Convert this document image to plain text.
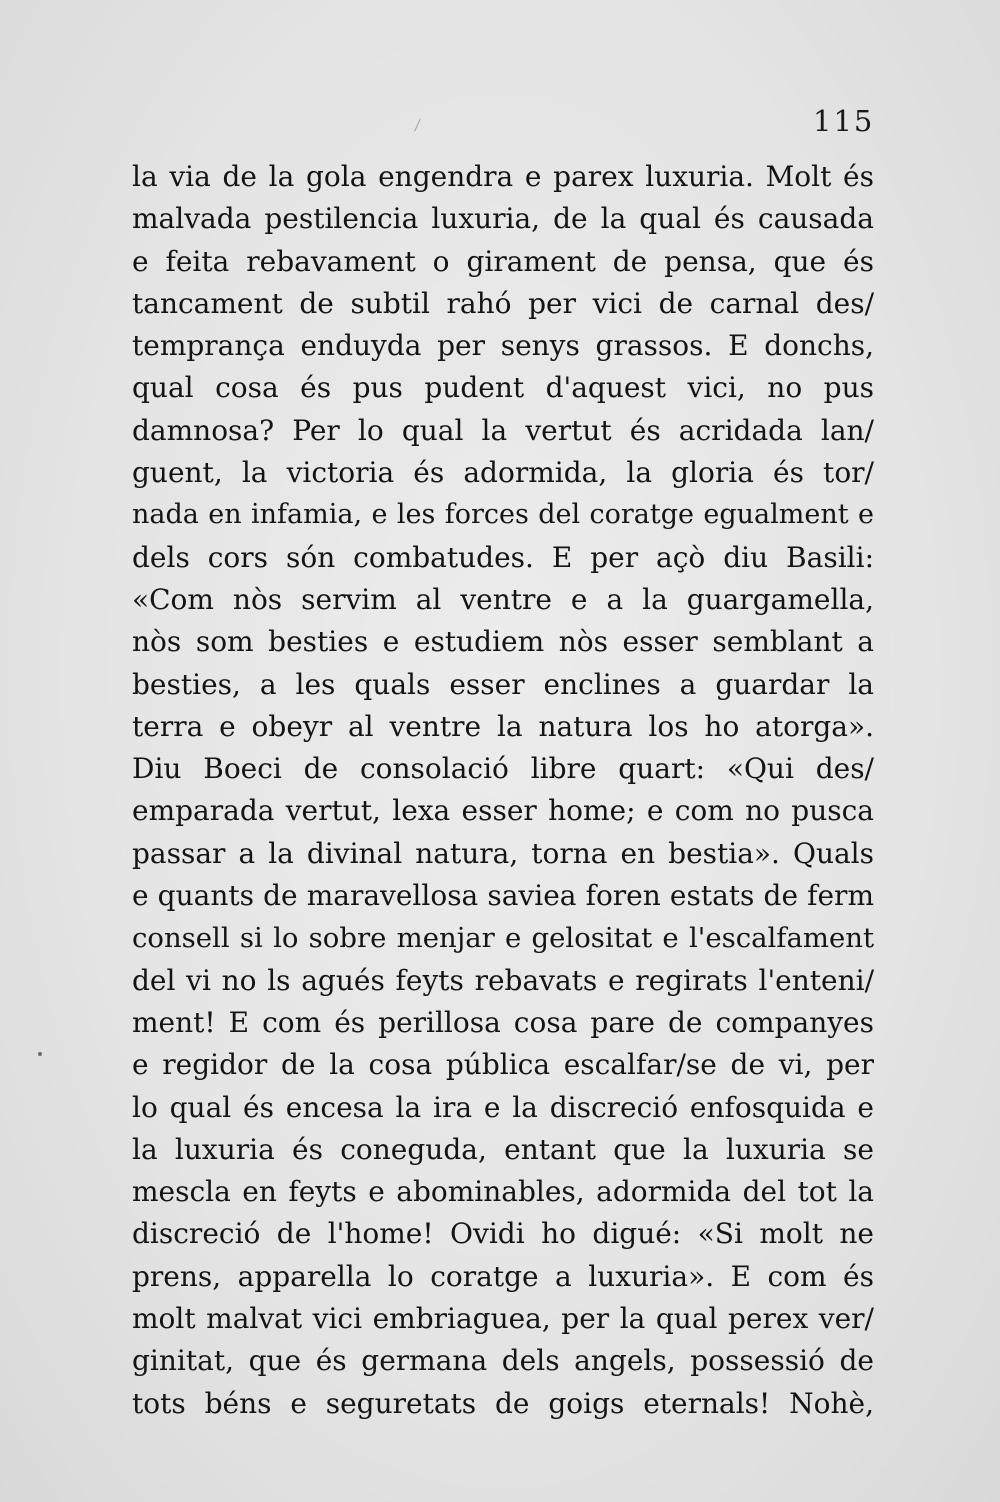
115
la via de la gola engendra e parex luxuria. Molt és
malvada pestilencia luxuria, de la qual és causada
e feita rebavament o girament de pensa, que és
tancament de subtil rahó per vici de carnal des/
temprança enduyda per senys grassos. E donchs,
qual cosa és pus pudent d'aquest vici, no pus
damnosa? Per lo qual la vertut és acridada lan/
guent, la victoria és adormida, la gloria és tor/
nada en infamia, e les forces del coratge egualment e
dels cors són combatudes. E per açò diu Basili:
«Com nòs servim al ventre e a la guargamella,
nòs som besties e estudiem nòs esser semblant a
besties, a les quals esser enclines a guardar la
terra e obeyr al ventre la natura los ho atorga».
Diu Boeci de consolació libre quart: «Qui des/
emparada vertut, lexa esser home; e com no pusca
passar a la divinal natura, torna en bestia». Quals
e quants de maravellosa saviea foren estats de ferm
consell si lo sobre menjar e gelositat e l'escalfament
del vi no ls agués feyts rebavats e regirats l'enteni/
ment! E com és perillosa cosa pare de companyes
e regidor de la cosa pública escalfar/se de vi, per
lo qual és encesa la ira e la discreció enfosquida e
la luxuria és coneguda, entant que la luxuria se
mescla en feyts e abominables, adormida del tot la
discreció de l'home! Ovidi ho digué: «Si molt ne
prens, apparella lo coratge a luxuria». E com és
molt malvat vici embriaguea, per la qual perex ver/
ginitat, que és germana dels angels, possessió de
tots béns e seguretats de goigs eternals! Nohè,
